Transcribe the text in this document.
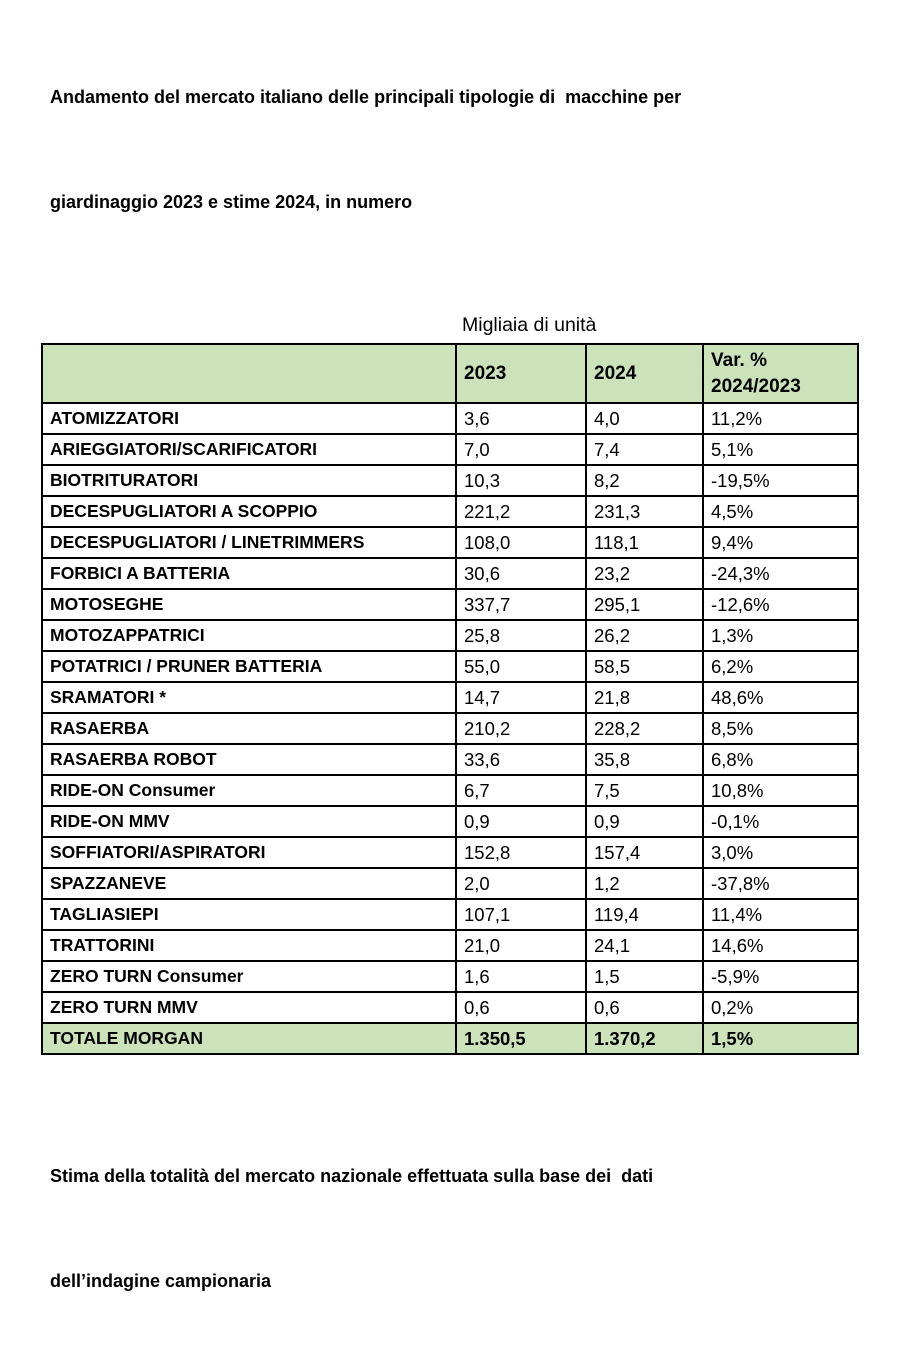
Andamento del mercato italiano delle principali tipologie di  macchine per

giardinaggio 2023 e stime 2024, in numero

Migliaia di unità
	2023	2024	Var. % 2024/2023
ATOMIZZATORI	3,6	4,0	11,2%
ARIEGGIATORI/SCARIFICATORI	7,0	7,4	5,1%
BIOTRITURATORI	10,3	8,2	-19,5%
DECESPUGLIATORI A SCOPPIO	221,2	231,3	4,5%
DECESPUGLIATORI / LINETRIMMERS	108,0	118,1	9,4%
FORBICI A BATTERIA	30,6	23,2	-24,3%
MOTOSEGHE	337,7	295,1	-12,6%
MOTOZAPPATRICI	25,8	26,2	1,3%
POTATRICI / PRUNER BATTERIA	55,0	58,5	6,2%
SRAMATORI *	14,7	21,8	48,6%
RASAERBA	210,2	228,2	8,5%
RASAERBA ROBOT	33,6	35,8	6,8%
RIDE-ON Consumer	6,7	7,5	10,8%
RIDE-ON MMV	0,9	0,9	-0,1%
SOFFIATORI/ASPIRATORI	152,8	157,4	3,0%
SPAZZANEVE	2,0	1,2	-37,8%
TAGLIASIEPI	107,1	119,4	11,4%
TRATTORINI	21,0	24,1	14,6%
ZERO TURN Consumer	1,6	1,5	-5,9%
ZERO TURN MMV	0,6	0,6	0,2%
TOTALE MORGAN	1.350,5	1.370,2	1,5%

Stima della totalità del mercato nazionale effettuata sulla base dei  dati

dell’indagine campionaria
